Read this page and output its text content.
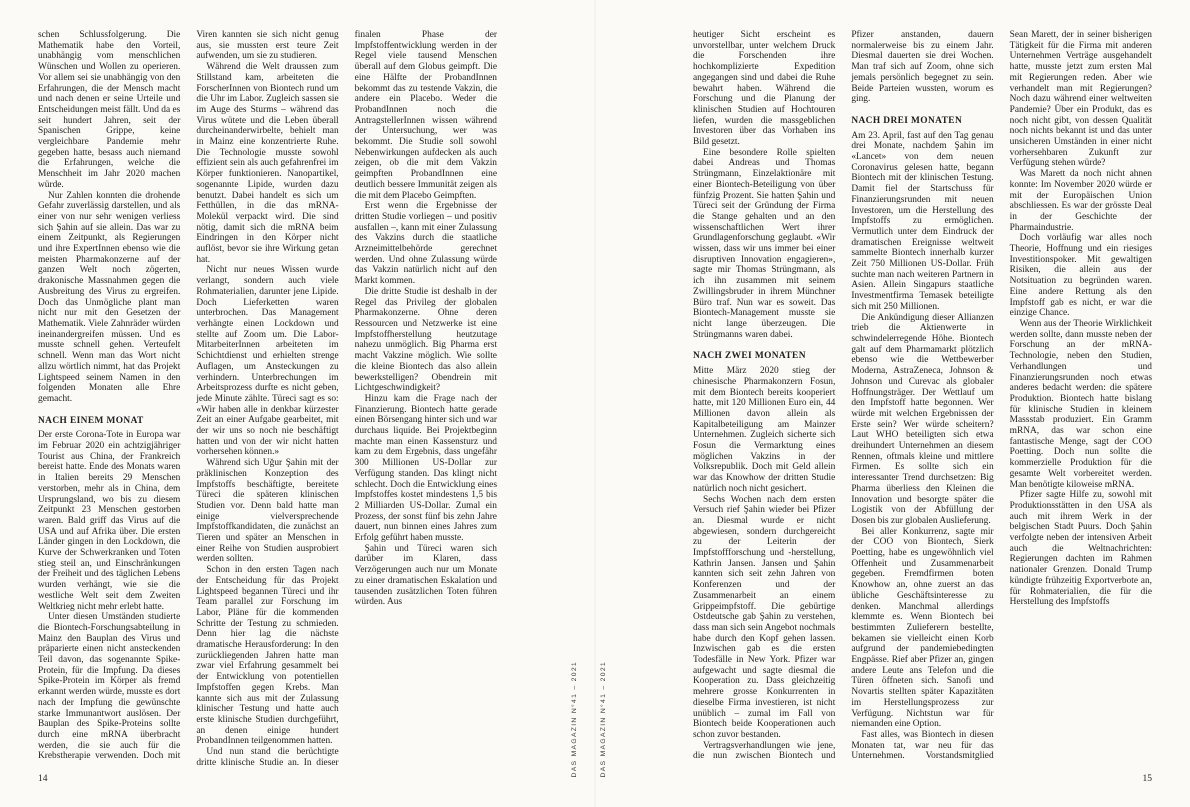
schen Schlussfolgerung. Die Mathematik habe den Vorteil, unabhängig vom menschlichen Wünschen und Wollen zu operieren. Vor allem sei sie unabhängig von den Erfahrungen, die der Mensch macht und nach denen er seine Urteile und Entscheidungen meist fällt. Und da es seit hundert Jahren, seit der Spanischen Grippe, keine vergleichbare Pandemie mehr gegeben hatte, besass auch niemand die Erfahrungen, welche die Menschheit im Jahr 2020 machen würde.

Nur Zahlen konnten die drohende Gefahr zuverlässig darstellen, und als einer von nur sehr wenigen verliess sich Şahin auf sie allein. Das war zu einem Zeitpunkt, als Regierungen und ihre ExpertInnen ebenso wie die meisten Pharmakonzerne auf der ganzen Welt noch zögerten, drakonische Massnahmen gegen die Ausbreitung des Virus zu ergreifen. Doch das Unmögliche plant man nicht nur mit den Gesetzen der Mathematik. Viele Zahnräder würden ineinandergreifen müssen. Und es musste schnell gehen. Verteufelt schnell. Wenn man das Wort nicht allzu wörtlich nimmt, hat das Projekt Lightspeed seinem Namen in den folgenden Monaten alle Ehre gemacht.

NACH EINEM MONAT

Der erste Corona-Tote in Europa war im Februar 2020 ein achtzigjähriger Tourist aus China, der Frankreich bereist hatte. Ende des Monats waren in Italien bereits 29 Menschen verstorben, mehr als in China, dem Ursprungsland, wo bis zu diesem Zeitpunkt 23 Menschen gestorben waren. Bald griff das Virus auf die USA und auf Afrika über. Die ersten Länder gingen in den Lockdown, die Kurve der Schwerkranken und Toten stieg steil an, und Einschränkungen der Freiheit und des täglichen Lebens wurden verhängt, wie sie die westliche Welt seit dem Zweiten Weltkrieg nicht mehr erlebt hatte.

Unter diesen Umständen studierte die Biontech-Forschungsabteilung in Mainz den Bauplan des Virus und präparierte einen nicht ansteckenden Teil davon, das sogenannte Spike-Protein, für die Impfung. Da dieses Spike-Protein im Körper als fremd erkannt werden würde, musste es dort nach der Impfung die gewünschte starke Immunantwort auslösen. Der Bauplan des Spike-Proteins sollte durch eine mRNA überbracht werden, die sie auch für die Krebstherapie verwenden. Doch mit Viren kannten sie sich nicht genug aus, sie mussten erst teure Zeit aufwenden, um sie zu studieren.

Während die Welt draussen zum Stillstand kam, arbeiteten die ForscherInnen von Biontech rund um die Uhr im Labor. Zugleich sassen sie im Auge des Sturms – während das Virus wütete und die Leben überall durcheinanderwirbelte, behielt man in Mainz eine konzentrierte Ruhe. Die Technologie musste sowohl effizient sein als auch gefahrenfrei im Körper funktionieren. Nanopartikel, sogenannte Lipide, wurden dazu benutzt. Dabei handelt es sich um Fetthüllen, in die das mRNA-Molekül verpackt wird. Die sind nötig, damit sich die mRNA beim Eindringen in den Körper nicht auflöst, bevor sie ihre Wirkung getan hat.

Nicht nur neues Wissen wurde verlangt, sondern auch viele Rohmaterialien, darunter jene Lipide. Doch Lieferketten waren unterbrochen. Das Management verhängte einen Lockdown und stellte auf Zoom um. Die Labor-MitarbeiterInnen arbeiteten im Schichtdienst und erhielten strenge Auflagen, um Ansteckungen zu verhindern. Unterbrechungen im Arbeitsprozess durfte es nicht geben, jede Minute zählte. Türeci sagt es so: «Wir haben alle in denkbar kürzester Zeit an einer Aufgabe gearbeitet, mit der wir uns so noch nie beschäftigt hatten und von der wir nicht hatten vorhersehen können.»

Während sich Uğur Şahin mit der präklinischen Konzeption des Impfstoffs beschäftigte, bereitete Türeci die späteren klinischen Studien vor. Denn bald hatte man einige vielversprechende Impfstoffkandidaten, die zunächst an Tieren und später an Menschen in einer Reihe von Studien ausprobiert werden sollten.

Schon in den ersten Tagen nach der Entscheidung für das Projekt Lightspeed begannen Türeci und ihr Team parallel zur Forschung im Labor, Pläne für die kommenden Schritte der Testung zu schmieden. Denn hier lag die nächste dramatische Herausforderung: In den zurückliegenden Jahren hatte man zwar viel Erfahrung gesammelt bei der Entwicklung von potentiellen Impfstoffen gegen Krebs. Man kannte sich aus mit der Zulassung klinischer Testung und hatte auch erste klinische Studien durchgeführt, an denen einige hundert ProbandInnen teilgenommen hatten.

Und nun stand die berüchtigte dritte klinische Studie an. In dieser finalen Phase der Impfstoffentwicklung werden in der Regel viele tausend Menschen überall auf dem Globus geimpft. Die eine Hälfte der ProbandInnen bekommt das zu testende Vakzin, die andere ein Placebo. Weder die ProbandInnen noch die AntragstellerInnen wissen während der Untersuchung, wer was bekommt. Die Studie soll sowohl Nebenwirkungen aufdecken als auch zeigen, ob die mit dem Vakzin geimpften ProbandInnen eine deutlich bessere Immunität zeigen als die mit dem Placebo Geimpften.

Erst wenn die Ergebnisse der dritten Studie vorliegen – und positiv ausfallen –, kann mit einer Zulassung des Vakzins durch die staatliche Arzneimittelbehörde gerechnet werden. Und ohne Zulassung würde das Vakzin natürlich nicht auf den Markt kommen.

Die dritte Studie ist deshalb in der Regel das Privileg der globalen Pharmakonzerne. Ohne deren Ressourcen und Netzwerke ist eine Impfstoffherstellung heutzutage nahezu unmöglich. Big Pharma erst macht Vakzine möglich. Wie sollte die kleine Biontech das also allein bewerkstelligen? Obendrein mit Lichtgeschwindigkeit?

Hinzu kam die Frage nach der Finanzierung. Biontech hatte gerade einen Börsengang hinter sich und war durchaus liquide. Bei Projektbeginn machte man einen Kassensturz und kam zu dem Ergebnis, dass ungefähr 300 Millionen US-Dollar zur Verfügung standen. Das klingt nicht schlecht. Doch die Entwicklung eines Impfstoffes kostet mindestens 1,5 bis 2 Milliarden US-Dollar. Zumal ein Prozess, der sonst fünf bis zehn Jahre dauert, nun binnen eines Jahres zum Erfolg geführt haben musste.

Şahin und Türeci waren sich darüber im Klaren, dass Verzögerungen auch nur um Monate zu einer dramatischen Eskalation und tausenden zusätzlichen Toten führen würden. Aus

heutiger Sicht erscheint es unvorstellbar, unter welchem Druck die Forschenden ihre hochkomplizierte Expedition angegangen sind und dabei die Ruhe bewahrt haben. Während die Forschung und die Planung der klinischen Studien auf Hochtouren liefen, wurden die massgeblichen Investoren über das Vorhaben ins Bild gesetzt.

Eine besondere Rolle spielten dabei Andreas und Thomas Strüngmann, Einzelaktionäre mit einer Biontech-Beteiligung von über fünfzig Prozent. Sie hatten Şahin und Türeci seit der Gründung der Firma die Stange gehalten und an den wissenschaftlichen Wert ihrer Grundlagenforschung geglaubt. «Wir wissen, dass wir uns immer bei einer disruptiven Innovation engagieren», sagte mir Thomas Strüngmann, als ich ihn zusammen mit seinem Zwillingsbruder in ihrem Münchner Büro traf. Nun war es soweit. Das Biontech-Management musste sie nicht lange überzeugen. Die Strüngmanns waren dabei.

NACH ZWEI MONATEN

Mitte März 2020 stieg der chinesische Pharmakonzern Fosun, mit dem Biontech bereits kooperiert hatte, mit 120 Millionen Euro ein, 44 Millionen davon allein als Kapitalbeteiligung am Mainzer Unternehmen. Zugleich sicherte sich Fosun die Vermarktung eines möglichen Vakzins in der Volksrepublik. Doch mit Geld allein war das Knowhow der dritten Studie natürlich noch nicht gesichert.

Sechs Wochen nach dem ersten Versuch rief Şahin wieder bei Pfizer an. Diesmal wurde er nicht abgewiesen, sondern durchgereicht zu der Leiterin der Impfstoffforschung und -herstellung, Kathrin Jansen. Jansen und Şahin kannten sich seit zehn Jahren von Konferenzen und der Zusammenarbeit an einem Grippeimpfstoff. Die gebürtige Ostdeutsche gab Şahin zu verstehen, dass man sich sein Angebot nochmals habe durch den Kopf gehen lassen. Inzwischen gab es die ersten Todesfälle in New York. Pfizer war aufgewacht und sagte diesmal die Kooperation zu. Dass gleichzeitig mehrere grosse Konkurrenten in dieselbe Firma investieren, ist nicht unüblich – zumal im Fall von Biontech beide Kooperationen auch schon zuvor bestanden.

Vertragsverhandlungen wie jene, die nun zwischen Biontech und Pfizer anstanden, dauern normalerweise bis zu einem Jahr. Diesmal dauerten sie drei Wochen. Man traf sich auf Zoom, ohne sich jemals persönlich begegnet zu sein. Beide Parteien wussten, worum es ging.

NACH DREI MONATEN

Am 23. April, fast auf den Tag genau drei Monate, nachdem Şahin im «Lancet» von dem neuen Coronavirus gelesen hatte, begann Biontech mit der klinischen Testung. Damit fiel der Startschuss für Finanzierungsrunden mit neuen Investoren, um die Herstellung des Impfstoffs zu ermöglichen. Vermutlich unter dem Eindruck der dramatischen Ereignisse weltweit sammelte Biontech innerhalb kurzer Zeit 750 Millionen US-Dollar. Früh suchte man nach weiteren Partnern in Asien. Allein Singapurs staatliche Investmentfirma Temasek beteiligte sich mit 250 Millionen.

Die Ankündigung dieser Allianzen trieb die Aktienwerte in schwindelerregende Höhe. Biontech galt auf dem Pharmamarkt plötzlich ebenso wie die Wettbewerber Moderna, AstraZeneca, Johnson & Johnson und Curevac als globaler Hoffnungsträger. Der Wettlauf um den Impfstoff hatte begonnen. Wer würde mit welchen Ergebnissen der Erste sein? Wer würde scheitern? Laut WHO beteiligten sich etwa dreihundert Unternehmen an diesem Rennen, oftmals kleine und mittlere Firmen. Es sollte sich ein interessanter Trend durchsetzen: Big Pharma überliess den Kleinen die Innovation und besorgte später die Logistik von der Abfüllung der Dosen bis zur globalen Auslieferung.

Bei aller Konkurrenz, sagte mir der COO von Biontech, Sierk Poetting, habe es ungewöhnlich viel Offenheit und Zusammenarbeit gegeben. Fremdfirmen boten Knowhow an, ohne zuerst an das übliche Geschäftsinteresse zu denken. Manchmal allerdings klemmte es. Wenn Biontech bei bestimmten Zulieferern bestellte, bekamen sie vielleicht einen Korb aufgrund der pandemiebedingten Engpässe. Rief aber Pfizer an, gingen andere Leute ans Telefon und die Türen öffneten sich. Sanofi und Novartis stellten später Kapazitäten im Herstellungsprozess zur Verfügung. Nichtstun war für niemanden eine Option.

Fast alles, was Biontech in diesen Monaten tat, war neu für das Unternehmen. Vorstandsmitglied Sean Marett, der in seiner bisherigen Tätigkeit für die Firma mit anderen Unternehmen Verträge ausgehandelt hatte, musste jetzt zum ersten Mal mit Regierungen reden. Aber wie verhandelt man mit Regierungen? Noch dazu während einer weltweiten Pandemie? Über ein Produkt, das es noch nicht gibt, von dessen Qualität noch nichts bekannt ist und das unter unsicheren Umständen in einer nicht vorhersehbaren Zukunft zur Verfügung stehen würde?

Was Marett da noch nicht ahnen konnte: Im November 2020 würde er mit der Europäischen Union abschliessen. Es war der grösste Deal in der Geschichte der Pharmaindustrie.

Doch vorläufig war alles noch Theorie, Hoffnung und ein riesiges Investitionspoker. Mit gewaltigen Risiken, die allein aus der Notsituation zu begründen waren. Eine andere Rettung als den Impfstoff gab es nicht, er war die einzige Chance.

Wenn aus der Theorie Wirklichkeit werden sollte, dann musste neben der Forschung an der mRNA-Technologie, neben den Studien, Verhandlungen und Finanzierungsrunden noch etwas anderes bedacht werden: die spätere Produktion. Biontech hatte bislang für klinische Studien in kleinem Massstab produziert. Ein Gramm mRNA, das war schon eine fantastische Menge, sagt der COO Poetting. Doch nun sollte die kommerzielle Produktion für die gesamte Welt vorbereitet werden. Man benötigte kiloweise mRNA.

Pfizer sagte Hilfe zu, sowohl mit Produktionsstätten in den USA als auch mit ihrem Werk in der belgischen Stadt Puurs. Doch Şahin verfolgte neben der intensiven Arbeit auch die Weltnachrichten: Regierungen dachten im Rahmen nationaler Grenzen. Donald Trump kündigte frühzeitig Exportverbote an, für Rohmaterialien, die für die Herstellung des Impfstoffs

DAS MAGAZIN N°41 – 2021	DAS MAGAZIN N°41 – 2021
14	15
